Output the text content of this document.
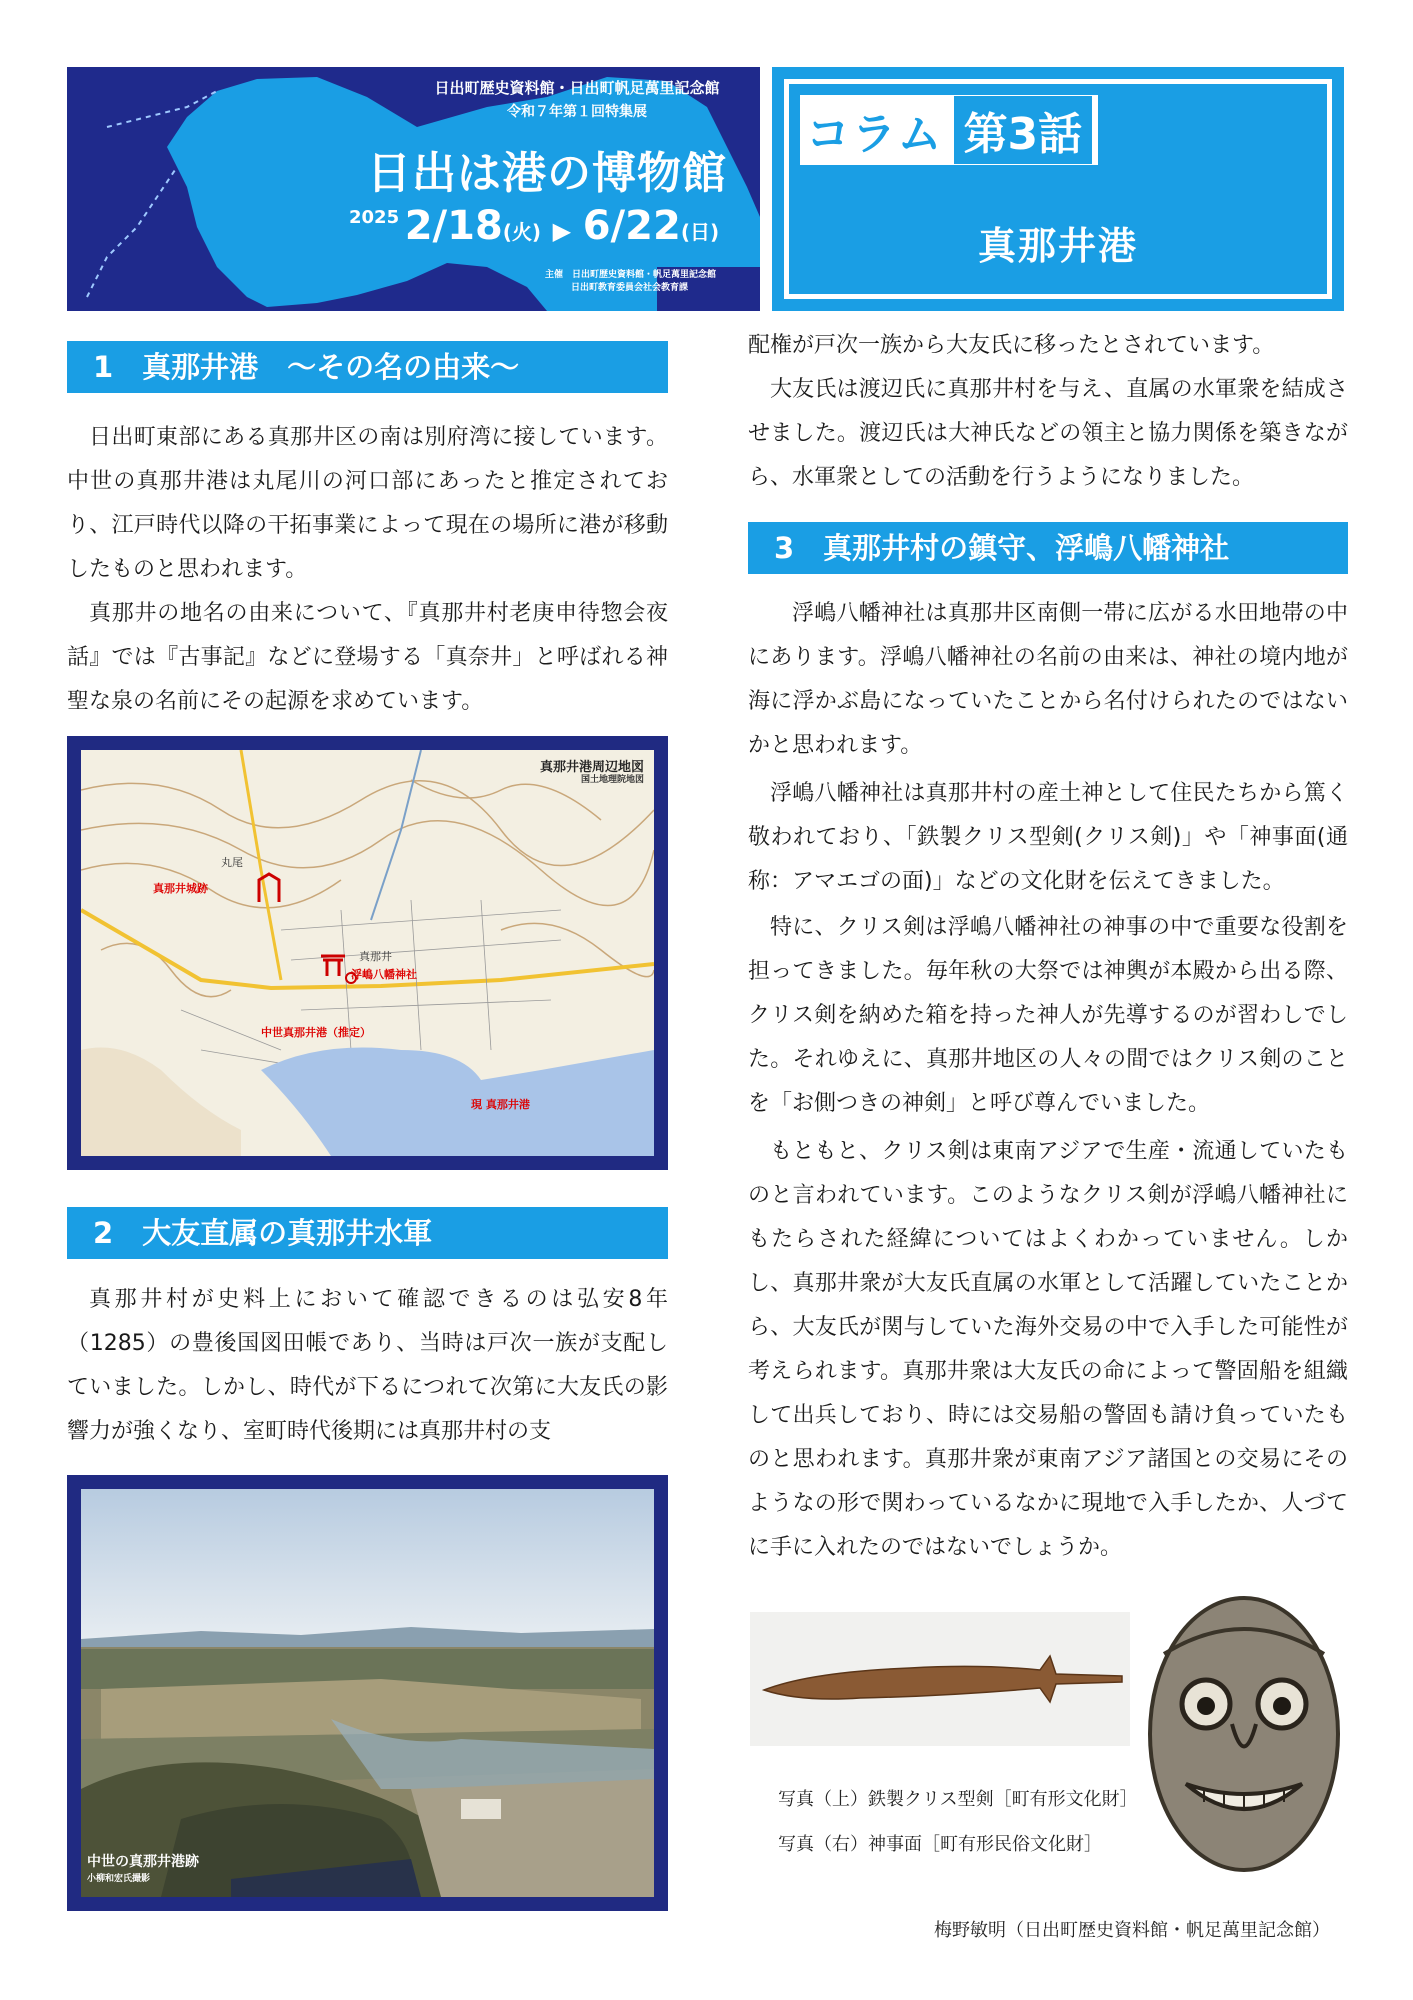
日出町歴史資料館・日出町帆足萬里記念館
令和７年第１回特集展
日出は港の博物館
2025 2/18(火) ▶ 6/22(日)
主催　日出町歴史資料館・帆足萬里記念館
日出町教育委員会社会教育課
コラム 第3話
真那井港
1　真那井港　～その名の由来～

日出町東部にある真那井区の南は別府湾に接しています。中世の真那井港は丸尾川の河口部にあったと推定されており、江戸時代以降の干拓事業によって現在の場所に港が移動したものと思われます。

真那井の地名の由来について、『真那井村老庚申待惣会夜話』では『古事記』などに登場する「真奈井」と呼ばれる神聖な泉の名前にその起源を求めています。

真那井港周辺地図
国土地理院地図
真那井城跡
浮嶋八幡神社
中世真那井港（推定）
現 真那井港
真那井
丸尾
2　大友直属の真那井水軍

真那井村が史料上において確認できるのは弘安8年（1285）の豊後国図田帳であり、当時は戸次一族が支配していました。しかし、時代が下るにつれて次第に大友氏の影響力が強くなり、室町時代後期には真那井村の支

中世の真那井港跡
小柳和宏氏撮影

配権が戸次一族から大友氏に移ったとされています。

大友氏は渡辺氏に真那井村を与え、直属の水軍衆を結成させました。渡辺氏は大神氏などの領主と協力関係を築きながら、水軍衆としての活動を行うようになりました。

3　真那井村の鎮守、浮嶋八幡神社

浮嶋八幡神社は真那井区南側一帯に広がる水田地帯の中にあります。浮嶋八幡神社の名前の由来は、神社の境内地が海に浮かぶ島になっていたことから名付けられたのではないかと思われます。

浮嶋八幡神社は真那井村の産土神として住民たちから篤く敬われており、「鉄製クリス型剣(クリス剣)」や「神事面(通称：アマエゴの面)」などの文化財を伝えてきました。

特に、クリス剣は浮嶋八幡神社の神事の中で重要な役割を担ってきました。毎年秋の大祭では神輿が本殿から出る際、クリス剣を納めた箱を持った神人が先導するのが習わしでした。それゆえに、真那井地区の人々の間ではクリス剣のことを「お側つきの神剣」と呼び尊んでいました。

もともと、クリス剣は東南アジアで生産・流通していたものと言われています。このようなクリス剣が浮嶋八幡神社にもたらされた経緯についてはよくわかっていません。しかし、真那井衆が大友氏直属の水軍として活躍していたことから、大友氏が関与していた海外交易の中で入手した可能性が考えられます。真那井衆は大友氏の命によって警固船を組織して出兵しており、時には交易船の警固も請け負っていたものと思われます。真那井衆が東南アジア諸国との交易にそのようなの形で関わっているなかに現地で入手したか、人づてに手に入れたのではないでしょうか。

写真（上）鉄製クリス型剣［町有形文化財］
写真（右）神事面［町有形民俗文化財］
梅野敏明（日出町歴史資料館・帆足萬里記念館）
